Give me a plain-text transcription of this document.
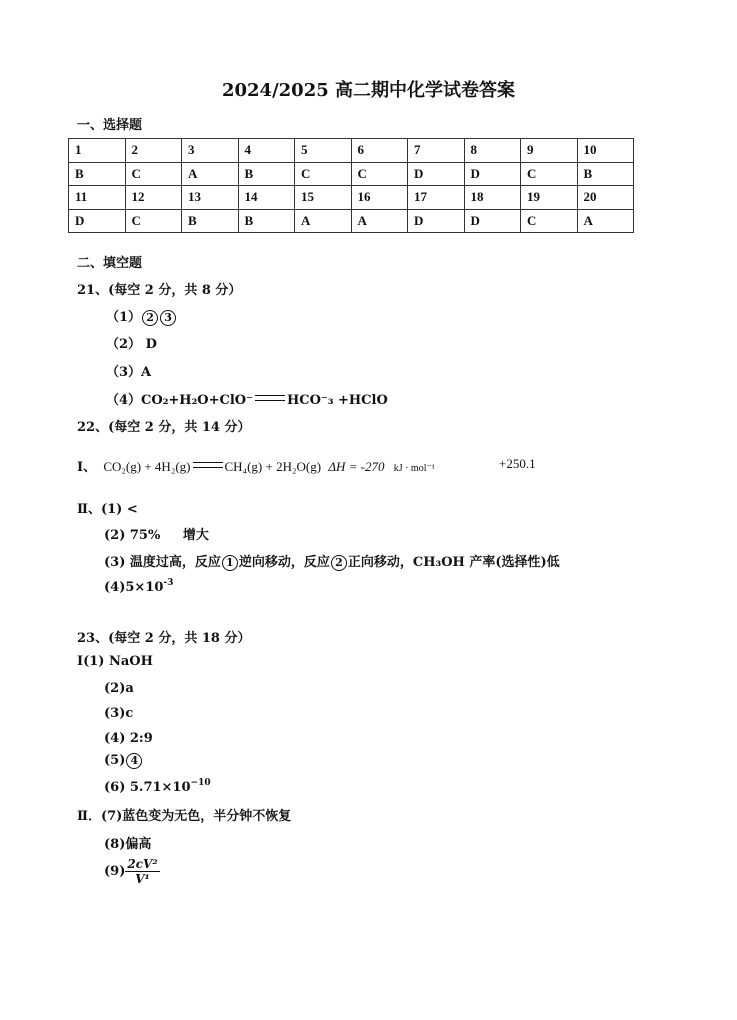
2024/2025 高二期中化学试卷答案
一、选择题
1	2	3	4	5	6	7	8	9	10
B	C	A	B	C	C	D	D	C	B
11	12	13	14	15	16	17	18	19	20
D	C	B	B	A	A	D	D	C	A
二、填空题
21、(每空 2 分，共 8 分）
（1） 2 3
（2） D
（3）A
（4）CO₂+H₂O+ClO⁻	HCO⁻₃ +HClO
22、(每空 2 分，共 14 分）
Ⅰ、 CO₂(g) + 4H₂(g)	CH₄(g) + 2H₂O(g) ΔH = -270 kJ · mol⁻¹	+250.1
Ⅱ、(1) <
(2) 75% 增大
(3) 温度过高，反应 1 逆向移动，反应 2 正向移动，CH₃OH 产率(选择性)低
$(4)5\times 10^{-3}$
23、(每空 2 分，共 18 分）
Ⅰ(1) NaOH
(2)a
(3)c
(4) 2:9
(5) 4
(6) $5.71\times 10^{-10}$
Ⅱ．(7)蓝色变为无色，半分钟不恢复
(8)偏高
$(9) \frac{\text{2cV²}}{\text{V¹}}$
